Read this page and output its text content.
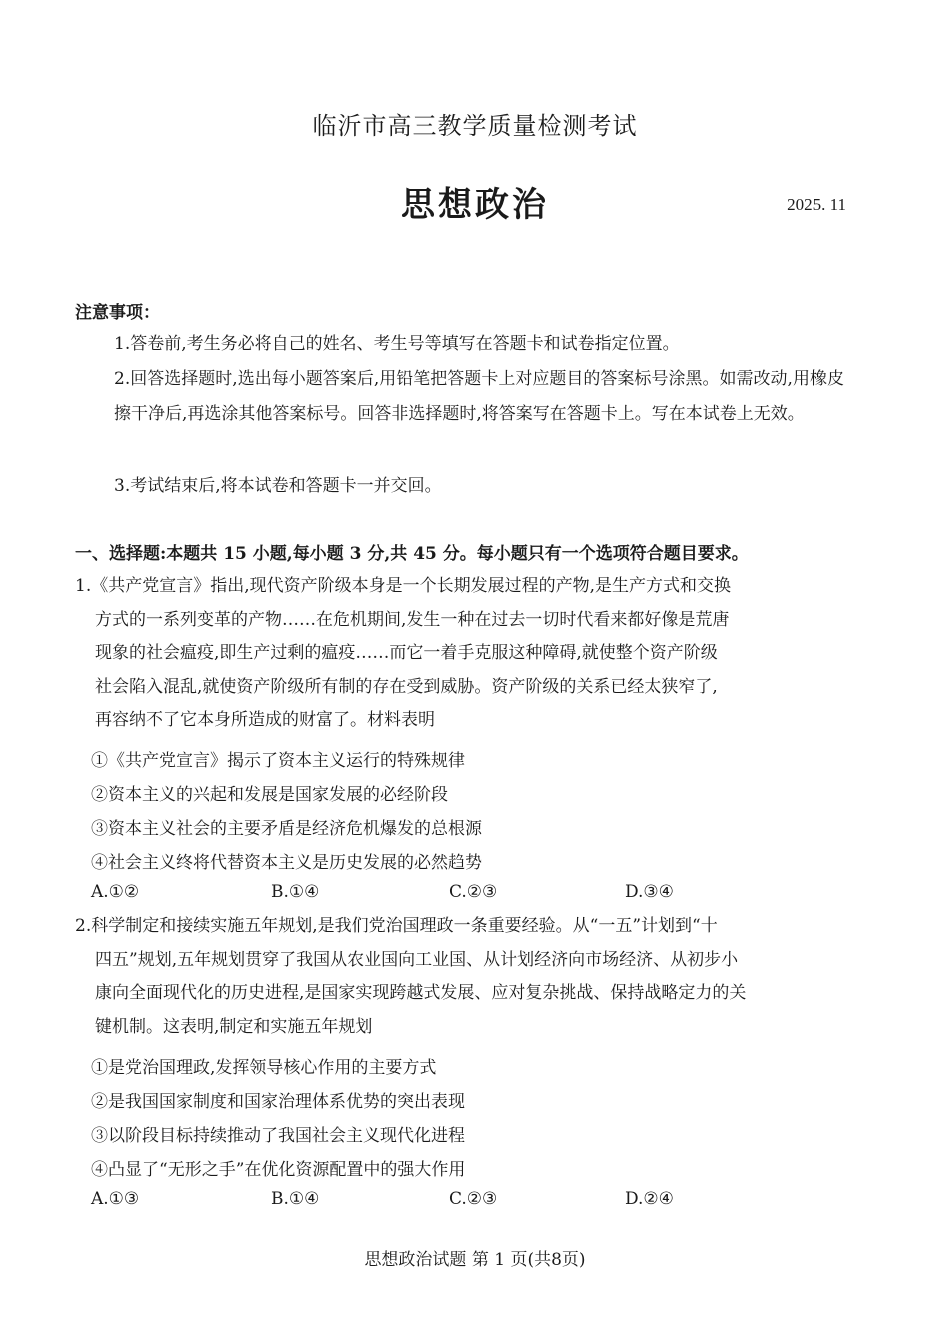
临沂市高三教学质量检测考试
思想政治	2025. 11
注意事项：
1.答卷前,考生务必将自己的姓名、考生号等填写在答题卡和试卷指定位置。
2.回答选择题时,选出每小题答案后,用铅笔把答题卡上对应题目的答案标号涂黑。如需改动,用橡皮擦干净后,再选涂其他答案标号。回答非选择题时,将答案写在答题卡上。写在本试卷上无效。
3.考试结束后,将本试卷和答题卡一并交回。
一、选择题:本题共 15 小题,每小题 3 分,共 45 分。每小题只有一个选项符合题目要求。
1.《共产党宣言》指出,现代资产阶级本身是一个长期发展过程的产物,是生产方式和交换
方式的一系列变革的产物……在危机期间,发生一种在过去一切时代看来都好像是荒唐
现象的社会瘟疫,即生产过剩的瘟疫……而它一着手克服这种障碍,就使整个资产阶级
社会陷入混乱,就使资产阶级所有制的存在受到威胁。资产阶级的关系已经太狭窄了,
再容纳不了它本身所造成的财富了。材料表明
①《共产党宣言》揭示了资本主义运行的特殊规律
②资本主义的兴起和发展是国家发展的必经阶段
③资本主义社会的主要矛盾是经济危机爆发的总根源
④社会主义终将代替资本主义是历史发展的必然趋势
A.①②	B.①④	C.②③	D.③④
2.科学制定和接续实施五年规划,是我们党治国理政一条重要经验。从“一五”计划到“十
四五”规划,五年规划贯穿了我国从农业国向工业国、从计划经济向市场经济、从初步小
康向全面现代化的历史进程,是国家实现跨越式发展、应对复杂挑战、保持战略定力的关
键机制。这表明,制定和实施五年规划
①是党治国理政,发挥领导核心作用的主要方式
②是我国国家制度和国家治理体系优势的突出表现
③以阶段目标持续推动了我国社会主义现代化进程
④凸显了“无形之手”在优化资源配置中的强大作用
A.①③	B.①④	C.②③	D.②④
思想政治试题 第 1 页(共8页)
